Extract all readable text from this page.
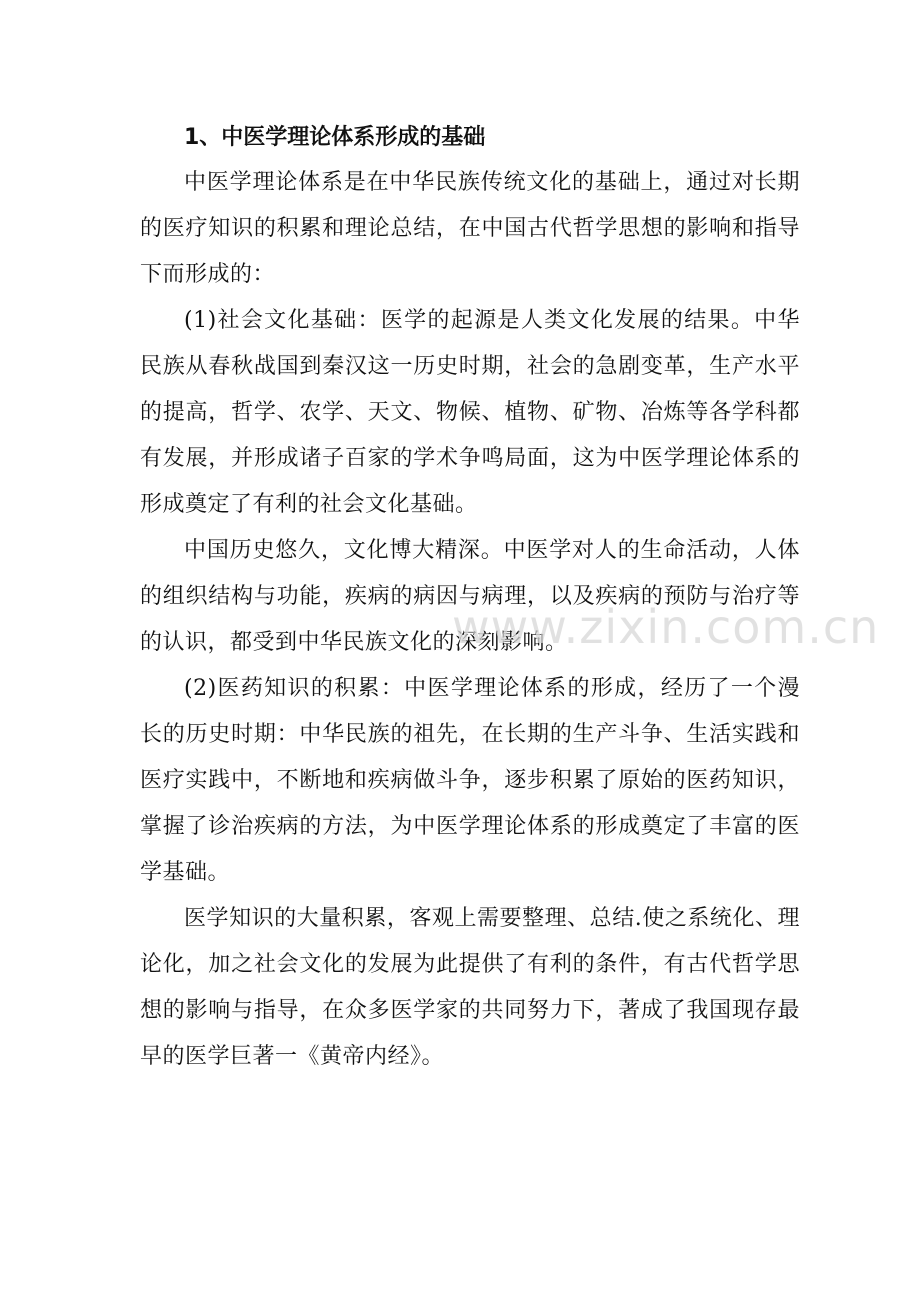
1、中医学理论体系形成的基础

中医学理论体系是在中华民族传统文化的基础上，通过对长期的医疗知识的积累和理论总结，在中国古代哲学思想的影响和指导下而形成的：

(1)社会文化基础：医学的起源是人类文化发展的结果。中华民族从春秋战国到秦汉这一历史时期，社会的急剧变革，生产水平的提高，哲学、农学、天文、物候、植物、矿物、冶炼等各学科都有发展，并形成诸子百家的学术争鸣局面，这为中医学理论体系的形成奠定了有利的社会文化基础。

中国历史悠久，文化博大精深。中医学对人的生命活动，人体的组织结构与功能，疾病的病因与病理，以及疾病的预防与治疗等的认识，都受到中华民族文化的深刻影响。

(2)医药知识的积累：中医学理论体系的形成，经历了一个漫长的历史时期：中华民族的祖先，在长期的生产斗争、生活实践和医疗实践中，不断地和疾病做斗争，逐步积累了原始的医药知识，掌握了诊治疾病的方法，为中医学理论体系的形成奠定了丰富的医学基础。

医学知识的大量积累，客观上需要整理、总结.使之系统化、理论化，加之社会文化的发展为此提供了有利的条件，有古代哲学思想的影响与指导，在众多医学家的共同努力下，著成了我国现存最早的医学巨著一《黄帝内经》。

www.zixin.com.cn
